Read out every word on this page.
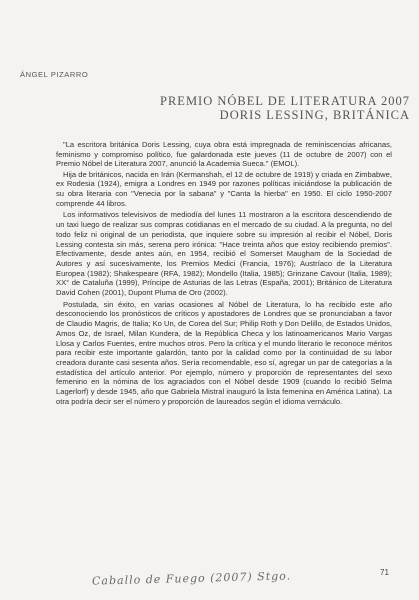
ÁNGEL PIZARRO
PREMIO NÓBEL DE LITERATURA 2007
DORIS LESSING, BRITÁNICA

"La escritora británica Doris Lessing, cuya obra está impregnada de reminiscencias africanas, feminismo y compromiso político, fue galardonada este jueves (11 de octubre de 2007) con el Premio Nóbel de Literatura 2007, anunció la Academia Sueca." (EMOL).

Hija de británicos, nacida en Irán (Kermanshah, el 12 de octubre de 1919) y criada en Zimbabwe, ex Rodesia (1924), emigra a Londres en 1949 por razones políticas iniciándose la publicación de su obra literaria con "Venecia por la sabana" y "Canta la hierba" en 1950. El ciclo 1950-2007 comprende 44 libros.

Los informativos televisivos de mediodía del lunes 11 mostraron a la escritora descendiendo de un taxi luego de realizar sus compras cotidianas en el mercado de su ciudad. A la pregunta, no del todo feliz ni original de un periodista, que inquiere sobre su impresión al recibir el Nóbel, Doris Lessing contesta sin más, serena pero irónica: "Hace treinta años que estoy recibiendo premios". Efectivamente, desde antes aún, en 1954, recibió el Somerset Maugham de la Sociedad de Autores y así sucesivamente, los Premios Medici (Francia, 1976); Austríaco de la Literatura Europea (1982); Shakespeare (RFA, 1982); Mondello (Italia, 1985); Grinzane Cavour (Italia, 1989); XX° de Cataluña (1999), Príncipe de Asturias de las Letras (España, 2001); Británico de Literatura David Cohen (2001), Dupont Pluma de Oro (2002).

Postulada, sin éxito, en varias ocasiones al Nóbel de Literatura, lo ha recibido este año desconociendo los pronósticos de críticos y apostadores de Londres que se pronunciaban a favor de Claudio Magris, de Italia; Ko Un, de Corea del Sur; Philip Roth y Don Delillo, de Estados Unidos, Amos Oz, de Israel, Milan Kundera, de la República Checa y los latinoamericanos Mario Vargas Llosa y Carlos Fuentes, entre muchos otros. Pero la crítica y el mundo literario le reconoce méritos para recibir este importante galardón, tanto por la calidad como por la continuidad de su labor creadora durante casi sesenta años. Sería recomendable, eso sí, agregar un par de categorías a la estadística del artículo anterior. Por ejemplo, número y proporción de representantes del sexo femenino en la nómina de los agraciados con el Nóbel desde 1909 (cuando lo recibió Selma Lagerlorf) y desde 1945, año que Gabriela Mistral inauguró la lista femenina en América Latina). La otra podría decir ser el número y proporción de laureados según el idioma vernáculo.

Caballo de Fuego (2007) Stgo.	71
